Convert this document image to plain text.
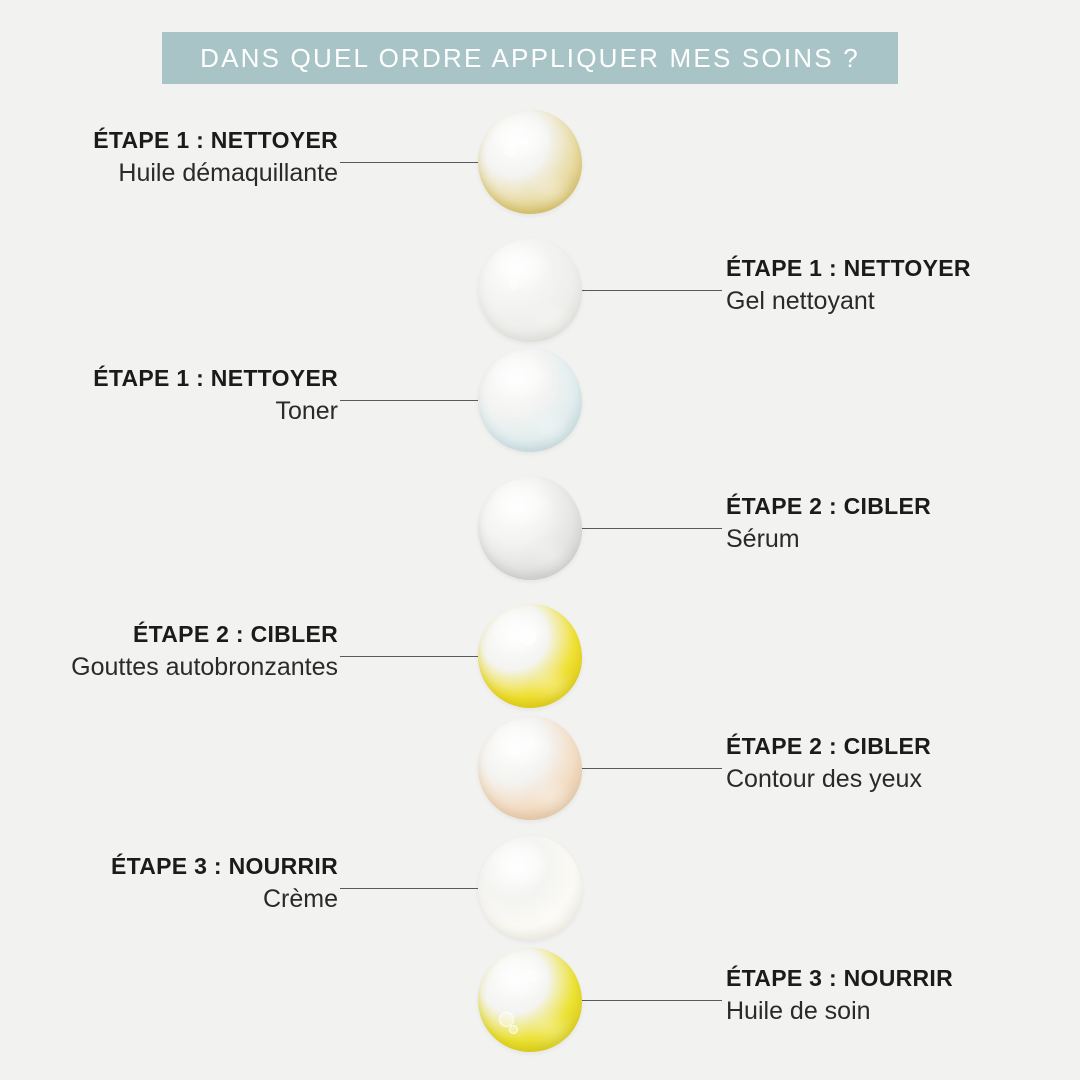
DANS QUEL ORDRE APPLIQUER MES SOINS ?
ÉTAPE 1 : NETTOYER
Huile démaquillante
ÉTAPE 1 : NETTOYER
Gel nettoyant
ÉTAPE 1 : NETTOYER
Toner
ÉTAPE 2 : CIBLER
Sérum
ÉTAPE 2 : CIBLER
Gouttes autobronzantes
ÉTAPE 2 : CIBLER
Contour des yeux
ÉTAPE 3 : NOURRIR
Crème
ÉTAPE 3 : NOURRIR
Huile de soin
